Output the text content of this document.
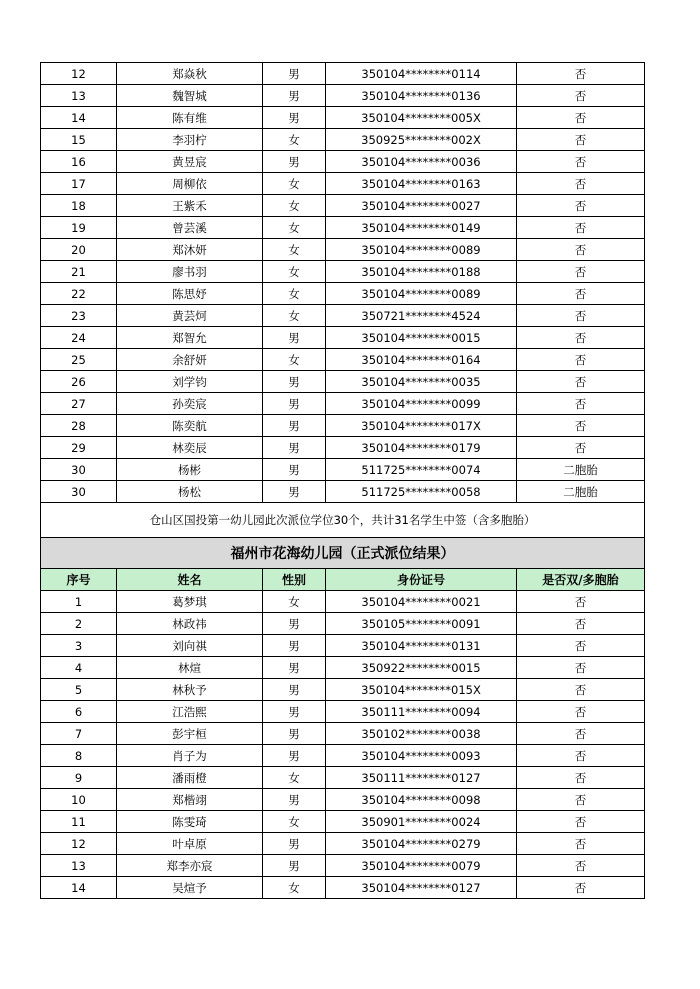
12	郑焱秋	男	350104********0114	否
13	魏智城	男	350104********0136	否
14	陈有维	男	350104********005X	否
15	李羽柠	女	350925********002X	否
16	黄昱宸	男	350104********0036	否
17	周柳依	女	350104********0163	否
18	王紫禾	女	350104********0027	否
19	曾芸溪	女	350104********0149	否
20	郑沐妍	女	350104********0089	否
21	廖书羽	女	350104********0188	否
22	陈思妤	女	350104********0089	否
23	黄芸炣	女	350721********4524	否
24	郑智允	男	350104********0015	否
25	余舒妍	女	350104********0164	否
26	刘学钧	男	350104********0035	否
27	孙奕宸	男	350104********0099	否
28	陈奕航	男	350104********017X	否
29	林奕辰	男	350104********0179	否
30	杨彬	男	511725********0074	二胞胎
30	杨松	男	511725********0058	二胞胎
仓山区国投第一幼儿园此次派位学位30个，共计31名学生中签（含多胞胎）				
福州市花海幼儿园（正式派位结果）				
序号	姓名	性别	身份证号	是否双/多胞胎
1	葛梦琪	女	350104********0021	否
2	林政祎	男	350105********0091	否
3	刘向祺	男	350104********0131	否
4	林煊	男	350922********0015	否
5	林秋予	男	350104********015X	否
6	江浩熙	男	350111********0094	否
7	彭宇桓	男	350102********0038	否
8	肖子为	男	350104********0093	否
9	潘雨橙	女	350111********0127	否
10	郑楷翊	男	350104********0098	否
11	陈雯琦	女	350901********0024	否
12	叶卓原	男	350104********0279	否
13	郑李亦宸	男	350104********0079	否
14	吴煊予	女	350104********0127	否
